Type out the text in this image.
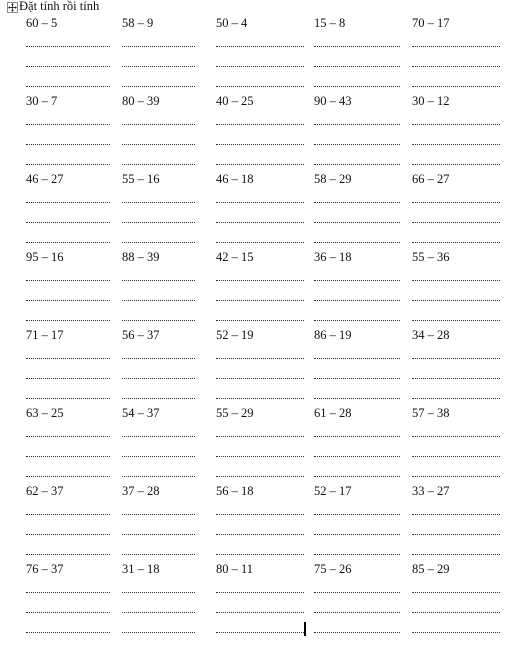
Đặt tính rồi tính
60 – 5	58 – 9	50 – 4	15 – 8	70 – 17
30 – 7	80 – 39	40 – 25	90 – 43	30 – 12
46 – 27	55 – 16	46 – 18	58 – 29	66 – 27
95 – 16	88 – 39	42 – 15	36 – 18	55 – 36
71 – 17	56 – 37	52 – 19	86 – 19	34 – 28
63 – 25	54 – 37	55 – 29	61 – 28	57 – 38
62 – 37	37 – 28	56 – 18	52 – 17	33 – 27
76 – 37	31 – 18	80 – 11	75 – 26	85 – 29
